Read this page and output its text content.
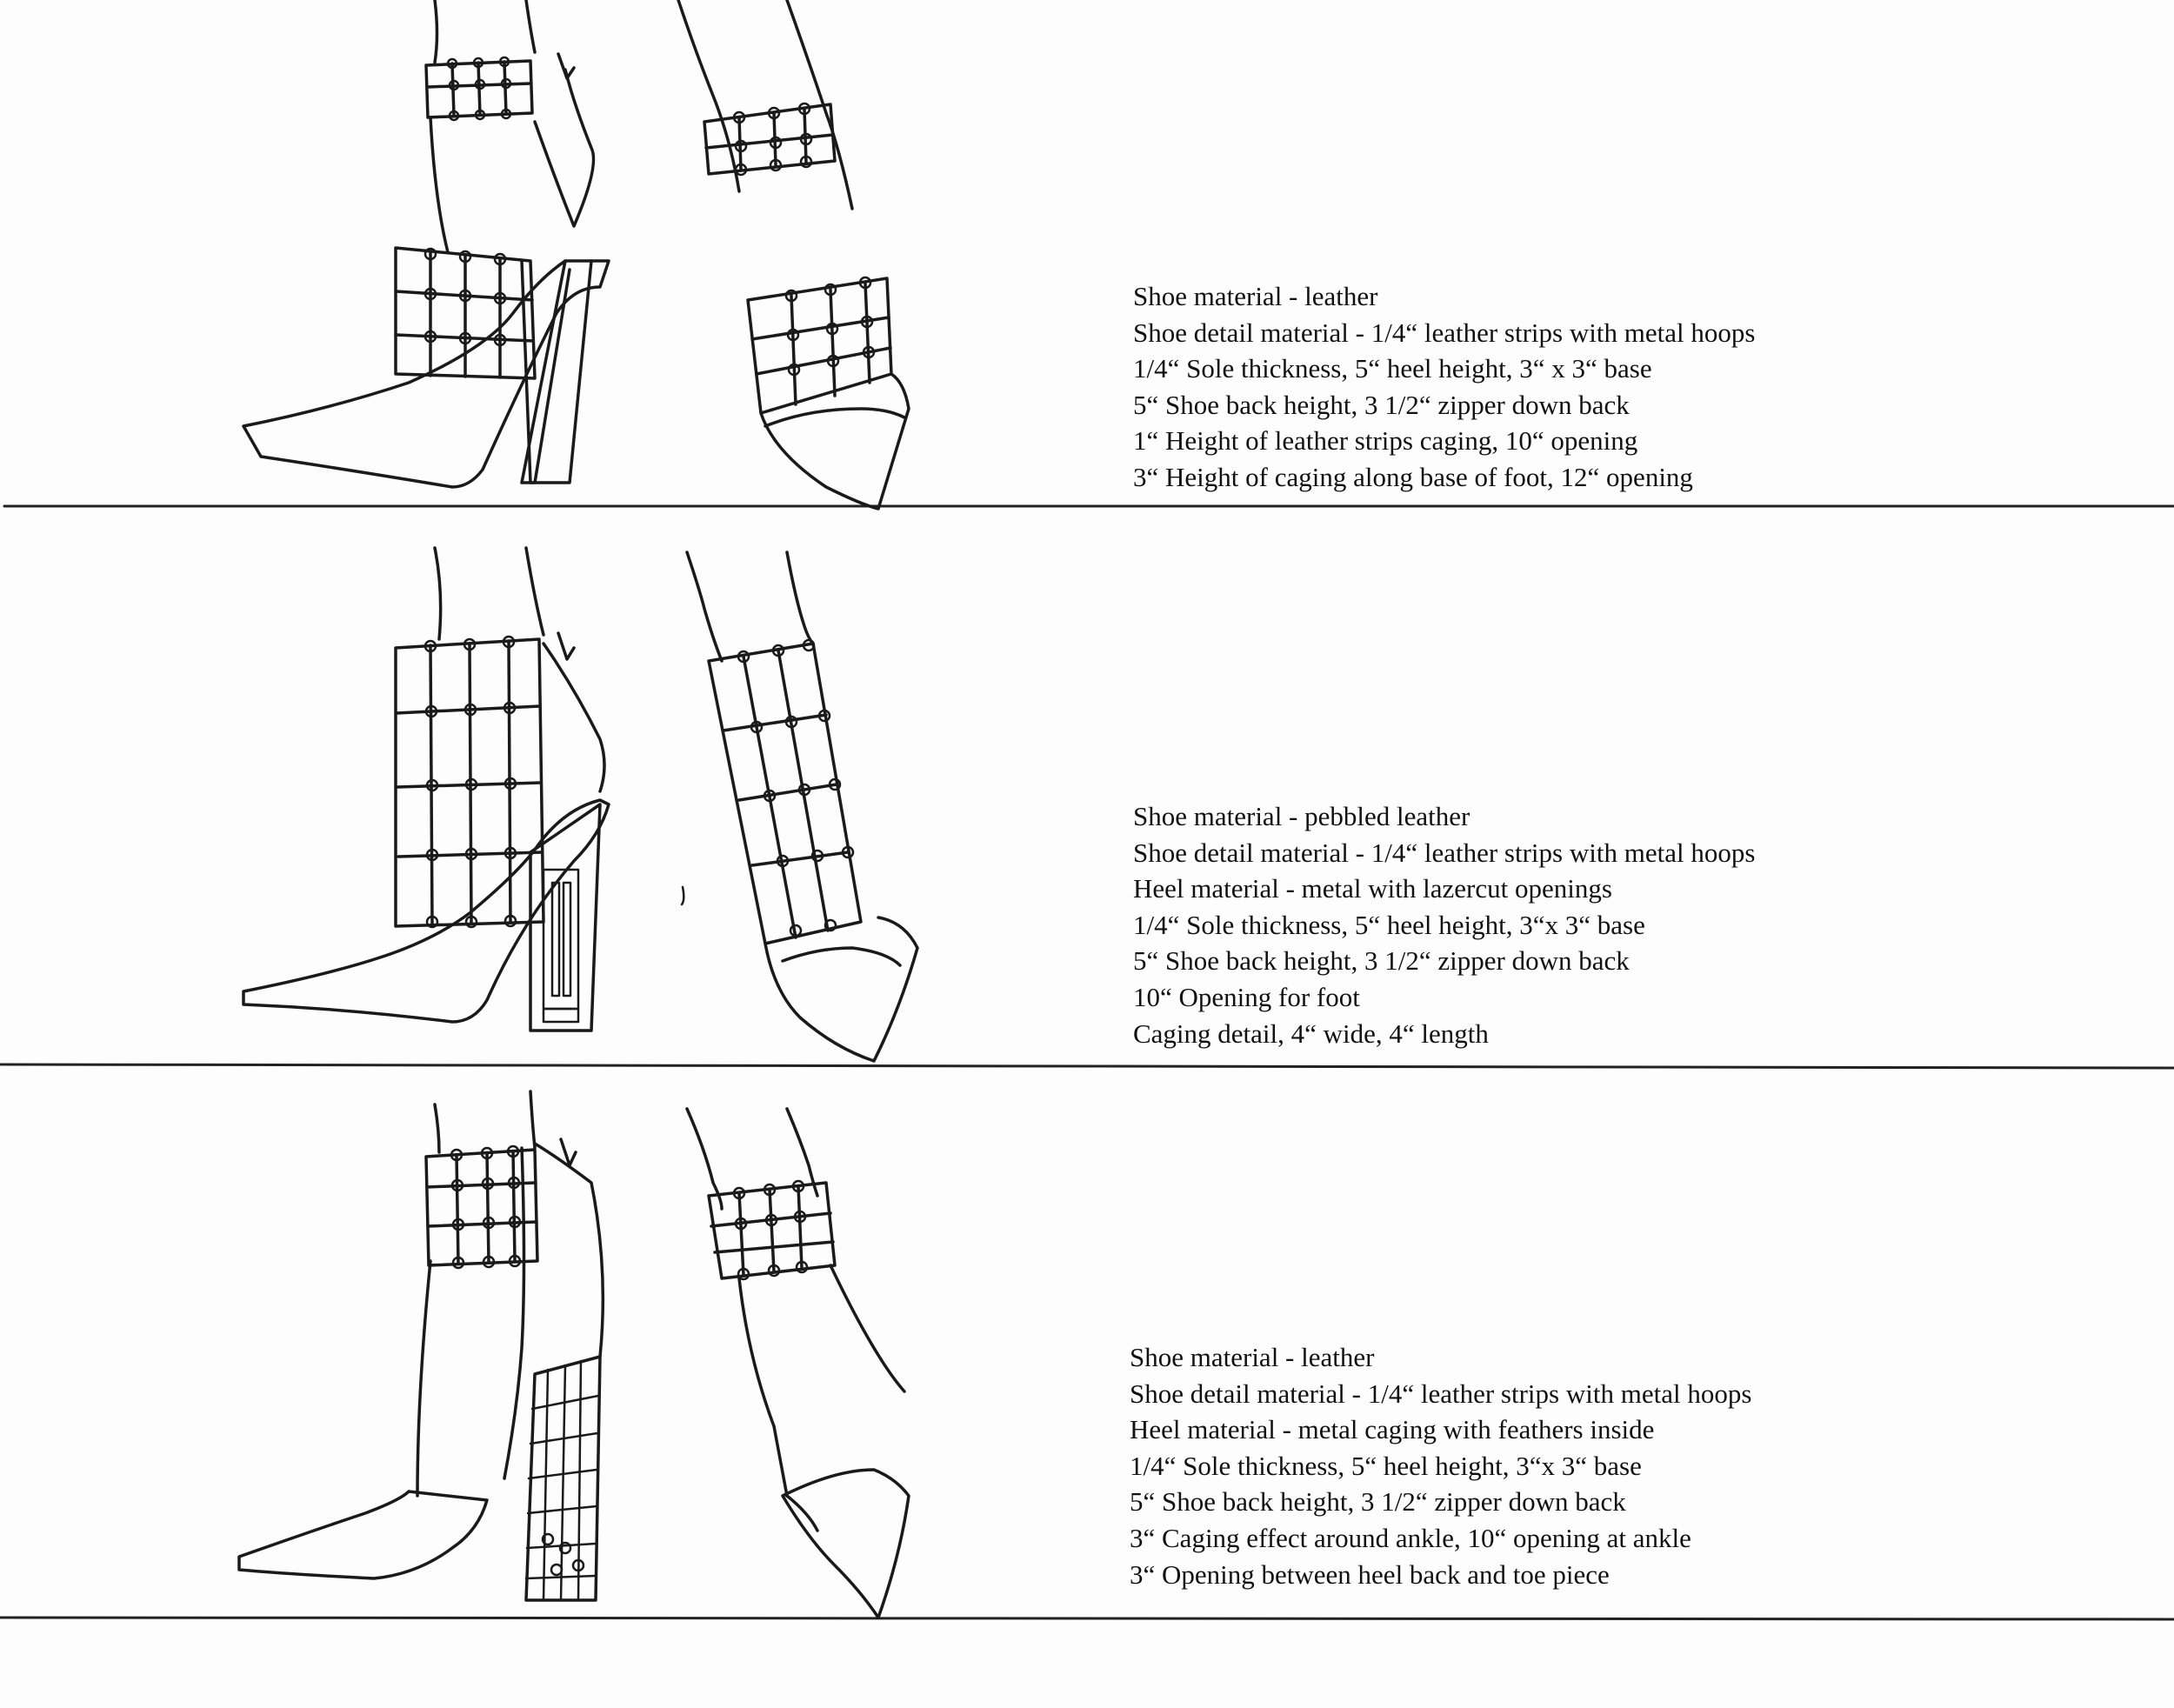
Shoe material - leather
Shoe detail material - 1/4“ leather strips with metal hoops
1/4“ Sole thickness, 5“ heel height, 3“ x 3“ base
5“ Shoe back height, 3 1/2“ zipper down back
1“ Height of leather strips caging, 10“ opening
3“ Height of caging along base of foot, 12“ opening
Shoe material - pebbled leather
Shoe detail material - 1/4“ leather strips with metal hoops
Heel material - metal with lazercut openings
1/4“ Sole thickness, 5“ heel height, 3“x 3“ base
5“ Shoe back height, 3 1/2“ zipper down back
10“ Opening for foot
Caging detail, 4“ wide, 4“ length
Shoe material - leather
Shoe detail material - 1/4“ leather strips with metal hoops
Heel material - metal caging with feathers inside
1/4“ Sole thickness, 5“ heel height, 3“x 3“ base
5“ Shoe back height, 3 1/2“ zipper down back
3“ Caging effect around ankle, 10“ opening at ankle
3“ Opening between heel back and toe piece
